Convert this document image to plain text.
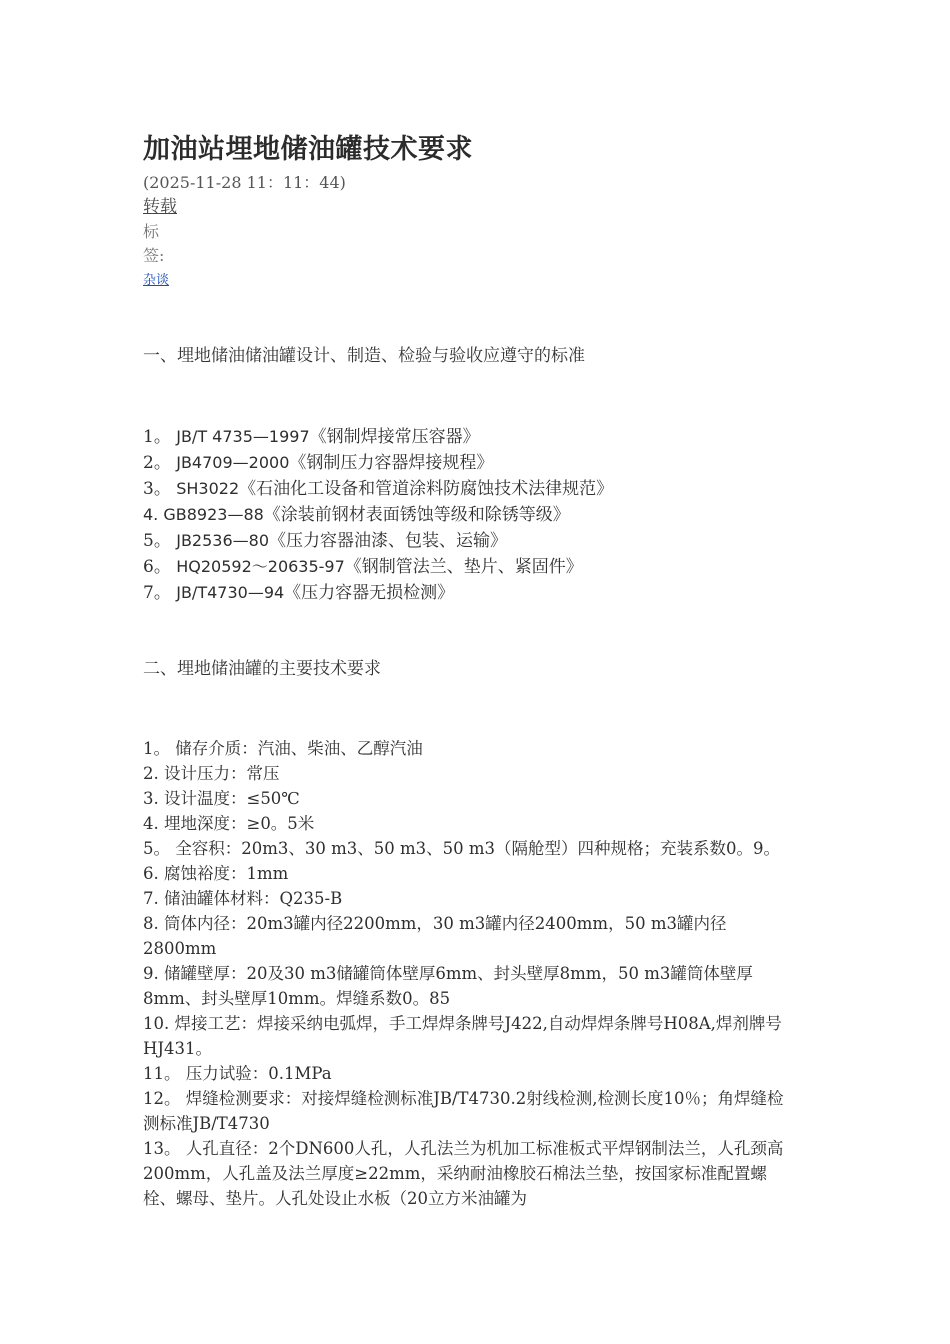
加油站埋地储油罐技术要求
(2025-11-28 11：11：44)
转载
标
签:
杂谈

一、埋地储油储油罐设计、制造、检验与验收应遵守的标准

1。 JB/T 4735—1997《钢制焊接常压容器》
2。 JB4709—2000《钢制压力容器焊接规程》
3。 SH3022《石油化工设备和管道涂料防腐蚀技术法律规范》
4. GB8923—88《涂装前钢材表面锈蚀等级和除锈等级》
5。 JB2536—80《压力容器油漆、包装、运输》
6。 HQ20592～20635-97《钢制管法兰、垫片、紧固件》
7。 JB/T4730—94《压力容器无损检测》

二、埋地储油罐的主要技术要求

1。 储存介质：汽油、柴油、乙醇汽油
2. 设计压力：常压
3. 设计温度：≤50℃
4. 埋地深度：≥0。5米
5。 全容积：20m3、30 m3、50 m3、50 m3（隔舱型）四种规格；充装系数0。9。
6. 腐蚀裕度：1mm
7. 储油罐体材料：Q235-B
8. 筒体内径：20m3罐内径2200mm，30 m3罐内径2400mm，50 m3罐内径2800mm
9. 储罐壁厚：20及30 m3储罐筒体壁厚6mm、封头壁厚8mm，50 m3罐筒体壁厚8mm、封头壁厚10mm。焊缝系数0。85
10. 焊接工艺：焊接采纳电弧焊，手工焊焊条牌号J422,自动焊焊条牌号H08A,焊剂牌号HJ431。
11。 压力试验：0.1MPa
12。 焊缝检测要求：对接焊缝检测标准JB/T4730.2射线检测,检测长度10％；角焊缝检测标准JB/T4730
13。 人孔直径：2个DN600人孔，人孔法兰为机加工标准板式平焊钢制法兰，人孔颈高200mm，人孔盖及法兰厚度≥22mm，采纳耐油橡胶石棉法兰垫，按国家标准配置螺栓、螺母、垫片。人孔处设止水板（20立方米油罐为
